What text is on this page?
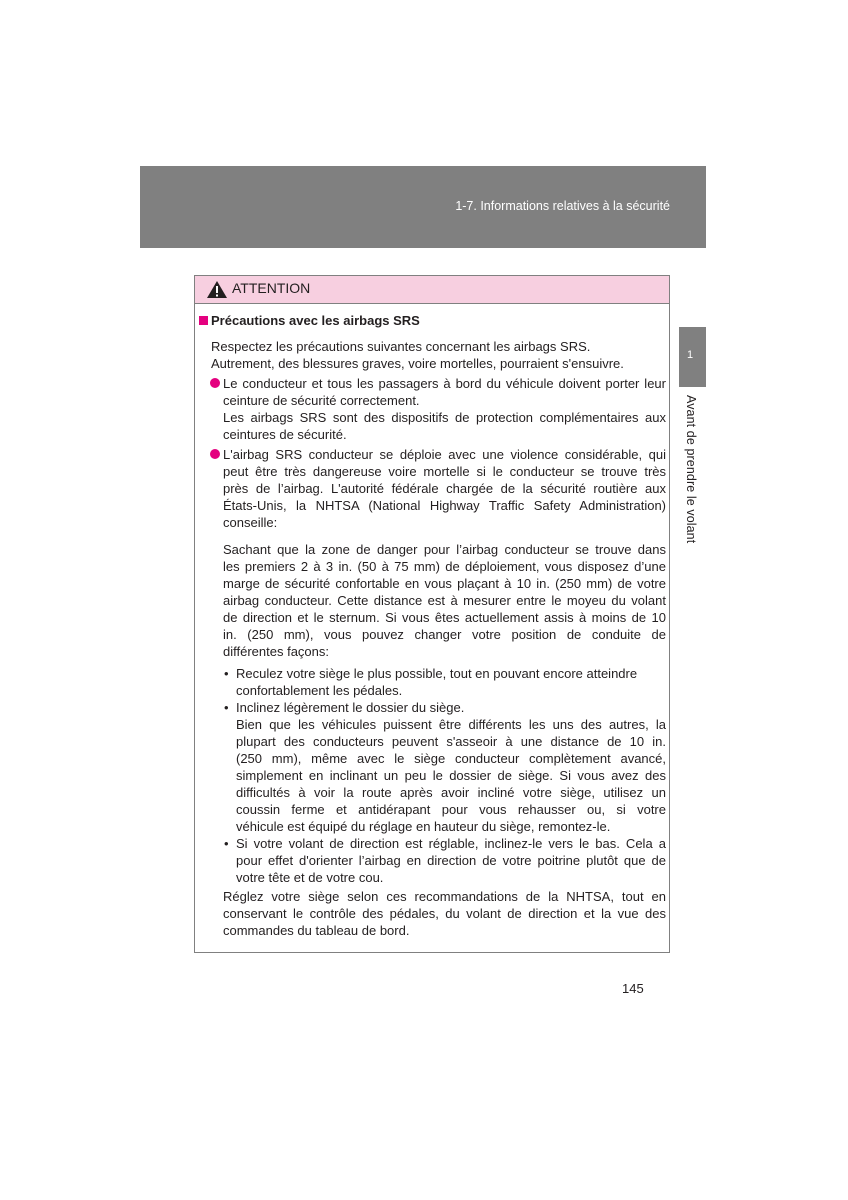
1-7. Informations relatives à la sécurité
1
Avant de prendre le volant
ATTENTION
Précautions avec les airbags SRS
Respectez les précautions suivantes concernant les airbags SRS.
Autrement, des blessures graves, voire mortelles, pourraient s'ensuivre.
Le conducteur et tous les passagers à bord du véhicule doivent porter leur
ceinture de sécurité correctement.
Les airbags SRS sont des dispositifs de protection complémentaires aux
ceintures de sécurité.
L'airbag SRS conducteur se déploie avec une violence considérable, qui
peut être très dangereuse voire mortelle si le conducteur se trouve très
près de l’airbag. L'autorité fédérale chargée de la sécurité routière aux
États-Unis, la NHTSA (National Highway Traffic Safety Administration)
conseille:
Sachant que la zone de danger pour l’airbag conducteur se trouve dans
les premiers 2 à 3 in. (50 à 75 mm) de déploiement, vous disposez d’une
marge de sécurité confortable en vous plaçant à 10 in. (250 mm) de votre
airbag conducteur. Cette distance est à mesurer entre le moyeu du volant
de direction et le sternum. Si vous êtes actuellement assis à moins de 10
in. (250 mm), vous pouvez changer votre position de conduite de
différentes façons:
• Reculez votre siège le plus possible, tout en pouvant encore atteindre
confortablement les pédales.
• Inclinez légèrement le dossier du siège.
Bien que les véhicules puissent être différents les uns des autres, la
plupart des conducteurs peuvent s'asseoir à une distance de 10 in.
(250 mm), même avec le siège conducteur complètement avancé,
simplement en inclinant un peu le dossier de siège. Si vous avez des
difficultés à voir la route après avoir incliné votre siège, utilisez un
coussin ferme et antidérapant pour vous rehausser ou, si votre
véhicule est équipé du réglage en hauteur du siège, remontez-le.
• Si votre volant de direction est réglable, inclinez-le vers le bas. Cela a
pour effet d'orienter l’airbag en direction de votre poitrine plutôt que de
votre tête et de votre cou.
Réglez votre siège selon ces recommandations de la NHTSA, tout en
conservant le contrôle des pédales, du volant de direction et la vue des
commandes du tableau de bord.
145
